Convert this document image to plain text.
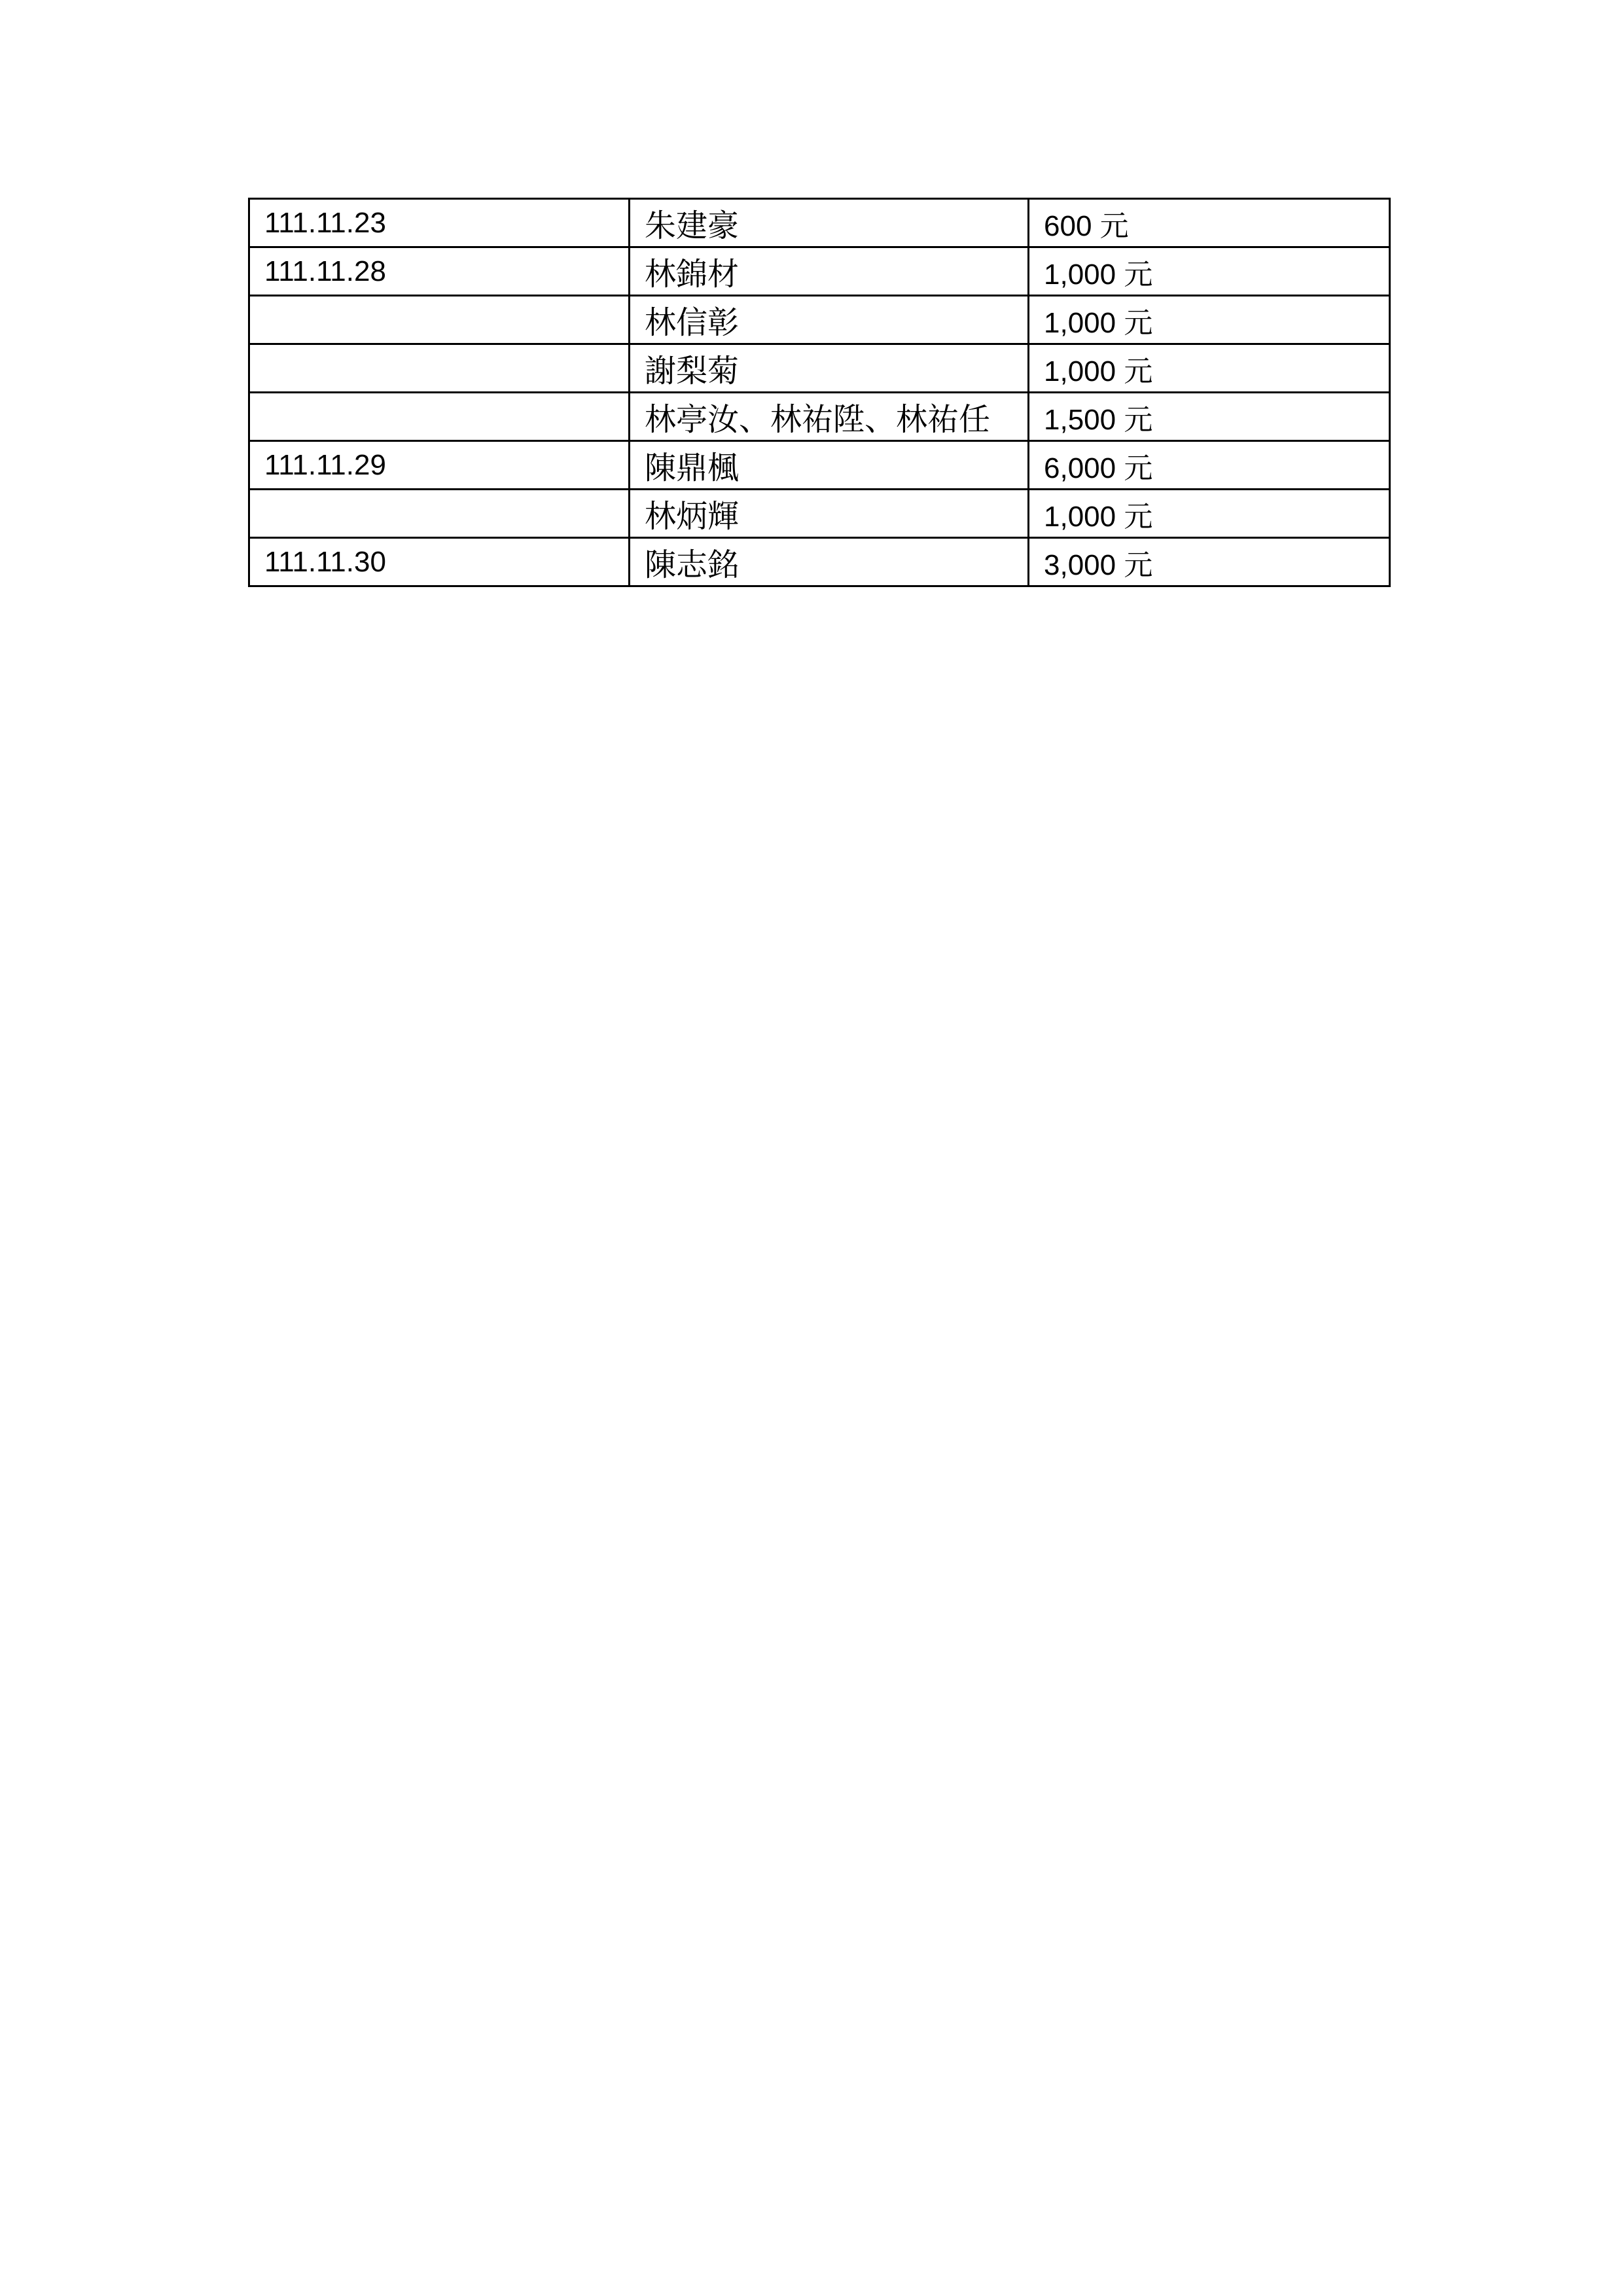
111.11.23	朱建豪	600 元
111.11.28	林錦材	1,000 元
	林信彰	1,000 元
	謝梨菊	1,000 元
	林亭汝、林祐陞、林祐任	1,500 元
111.11.29	陳鼎楓	6,000 元
	林炳輝	1,000 元
111.11.30	陳志銘	3,000 元
